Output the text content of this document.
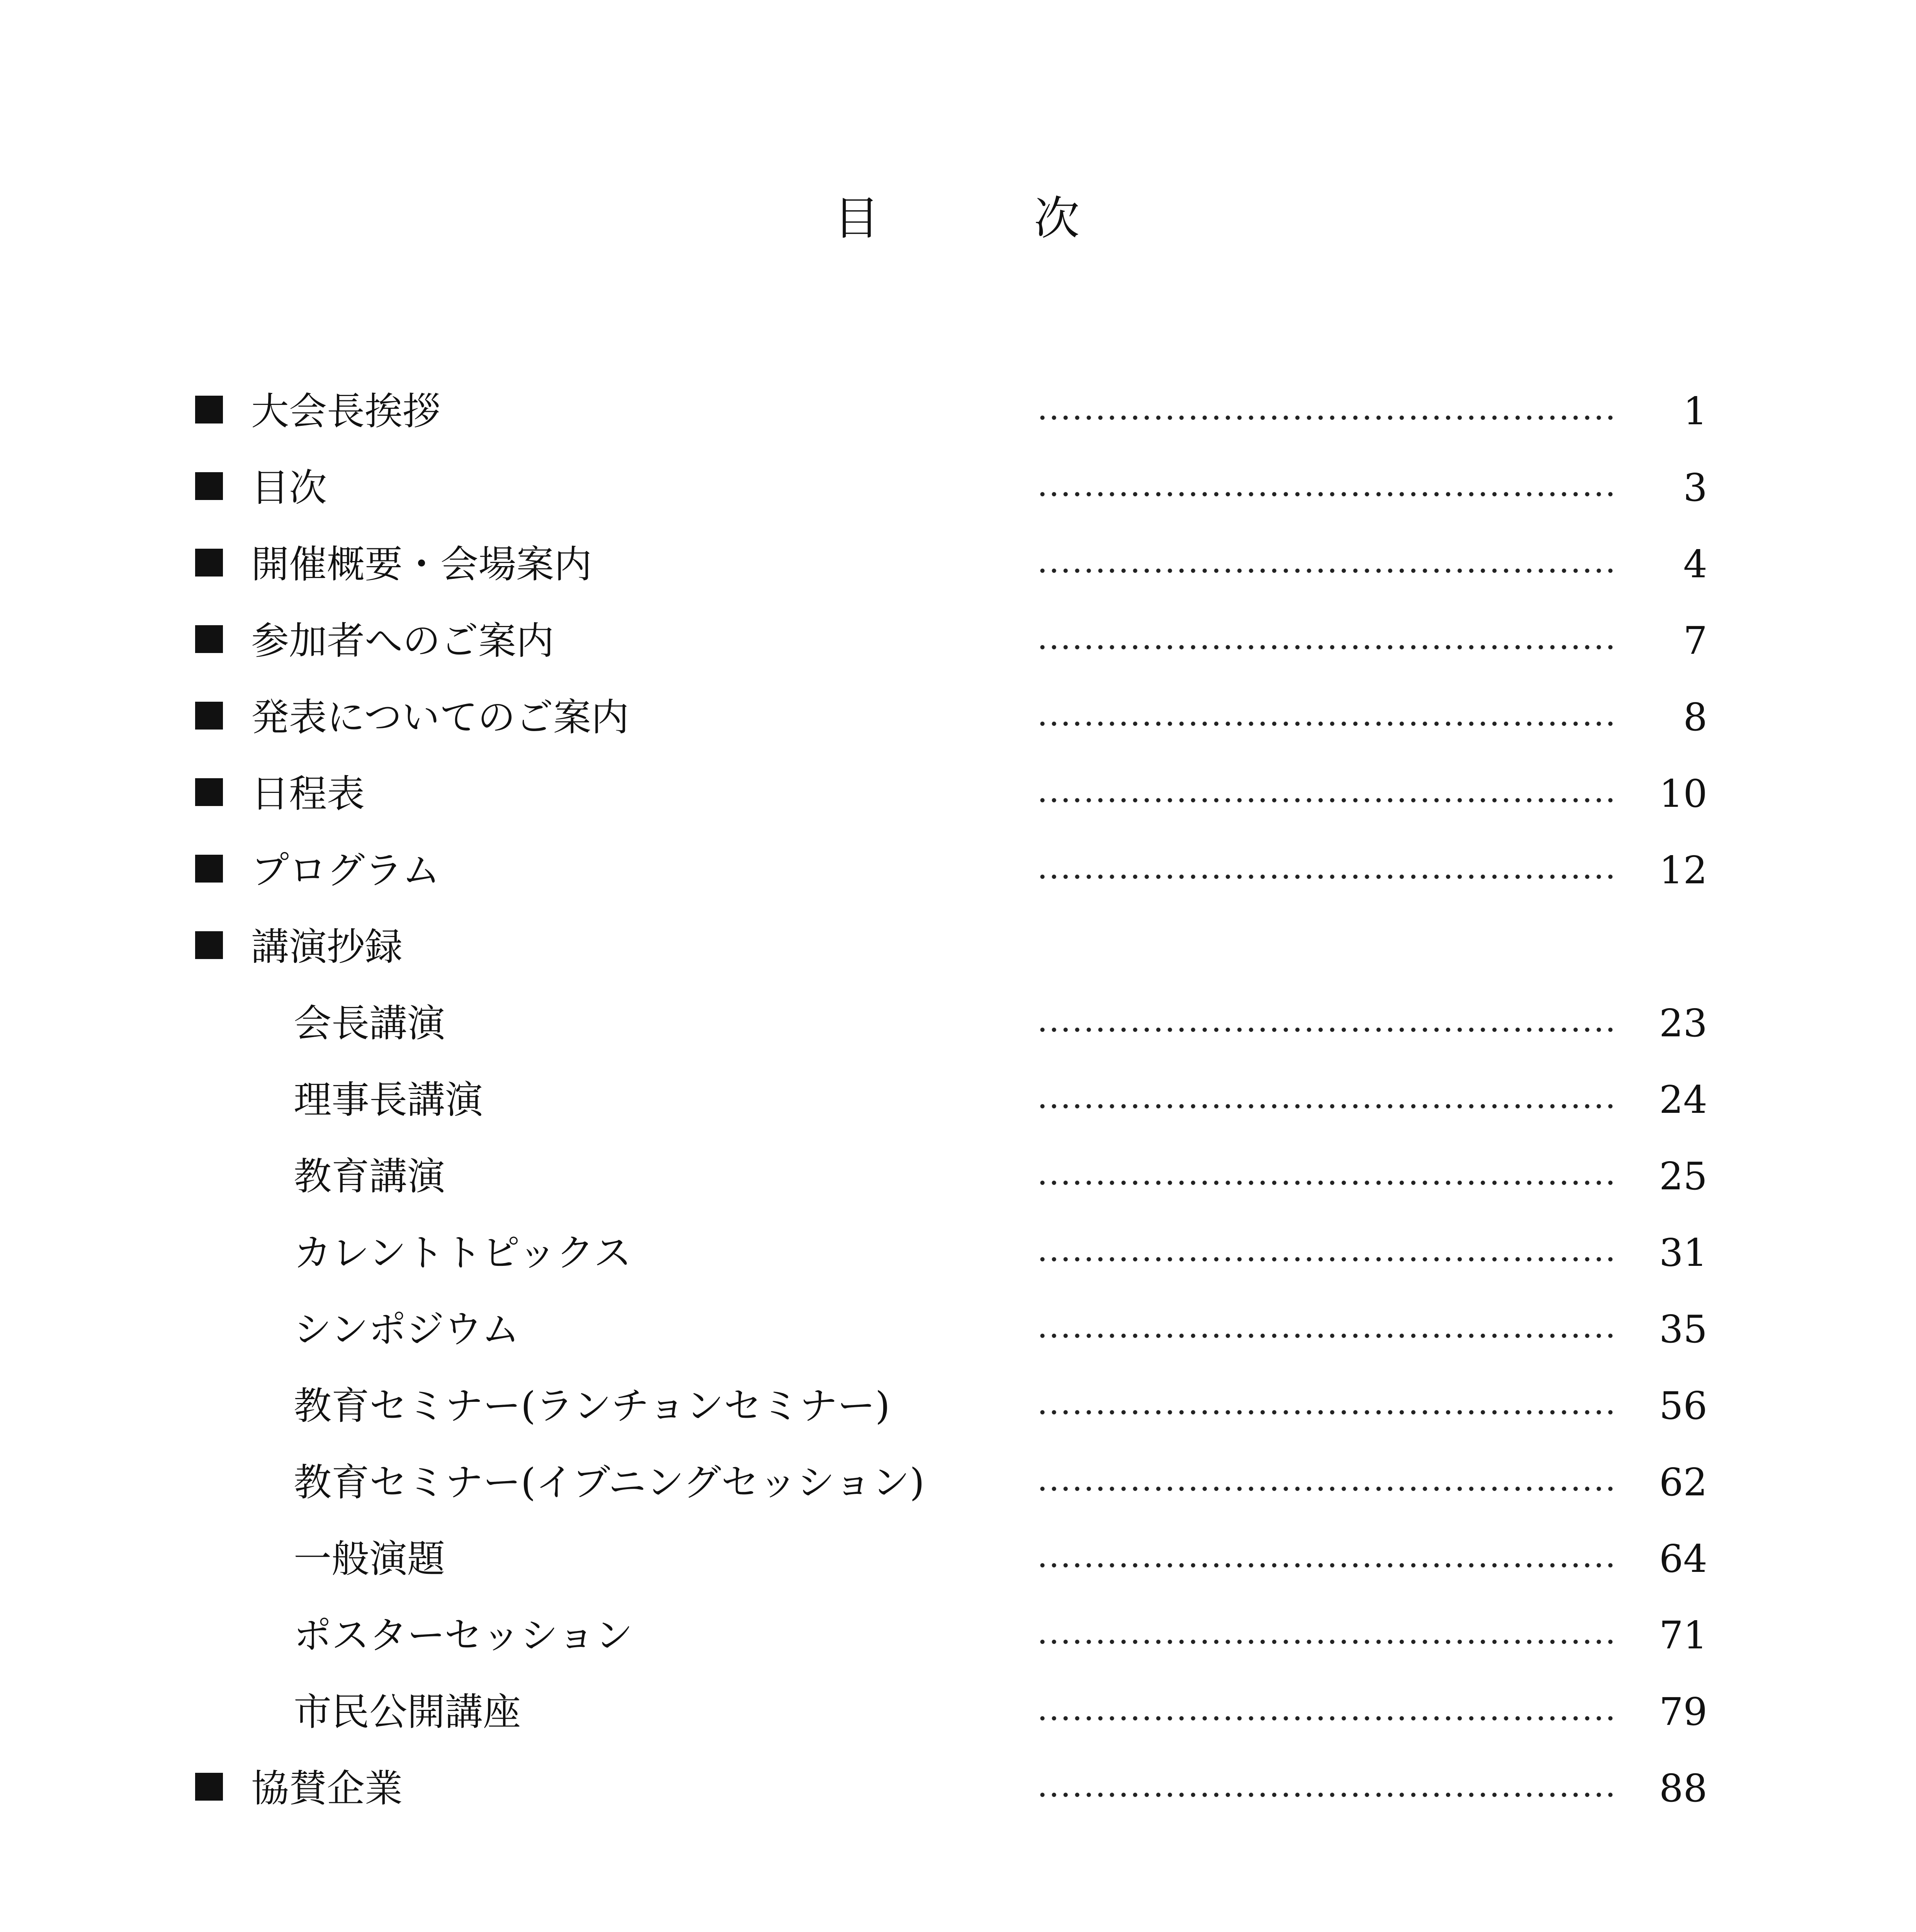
目	次
大会長挨拶	1
目次	3
開催概要・会場案内	4
参加者へのご案内	7
発表についてのご案内	8
日程表	10
プログラム	12
講演抄録
会長講演	23
理事長講演	24
教育講演	25
カレントトピックス	31
シンポジウム	35
教育セミナー(ランチョンセミナー)	56
教育セミナー(イブニングセッション)	62
一般演題	64
ポスターセッション	71
市民公開講座	79
協賛企業	88
